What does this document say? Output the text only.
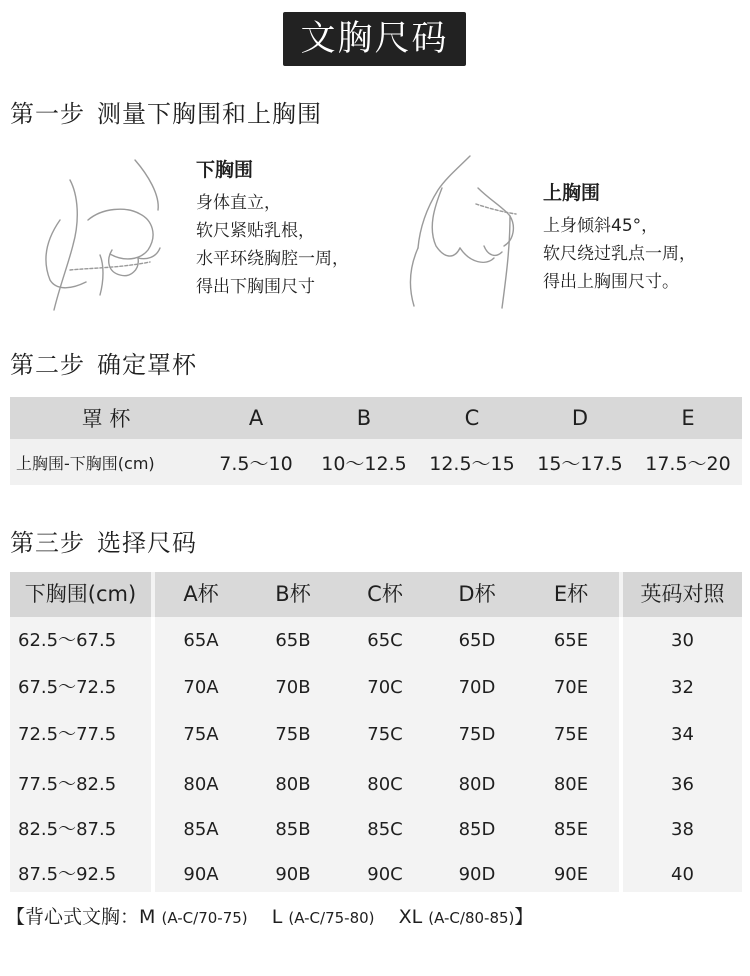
文胸尺码
第一步 测量下胸围和上胸围
下胸围
身体直立，
软尺紧贴乳根，
水平环绕胸腔一周，
得出下胸围尺寸
上胸围
上身倾斜45°，
软尺绕过乳点一周，
得出上胸围尺寸。
第二步 确定罩杯
罩 杯	A	B	C	D	E
上胸围-下胸围(cm)	7.5～10	10～12.5	12.5～15	15～17.5	17.5～20
第三步 选择尺码
下胸围(cm)	A杯	B杯	C杯	D杯	E杯	英码对照
62.5～67.5	65A	65B	65C	65D	65E	30
67.5～72.5	70A	70B	70C	70D	70E	32
72.5～77.5	75A	75B	75C	75D	75E	34
77.5～82.5	80A	80B	80C	80D	80E	36
82.5～87.5	85A	85B	85C	85D	85E	38
87.5～92.5	90A	90B	90C	90D	90E	40
【背心式文胸：M (A-C/70-75) L (A-C/75-80) XL (A-C/80-85)】
